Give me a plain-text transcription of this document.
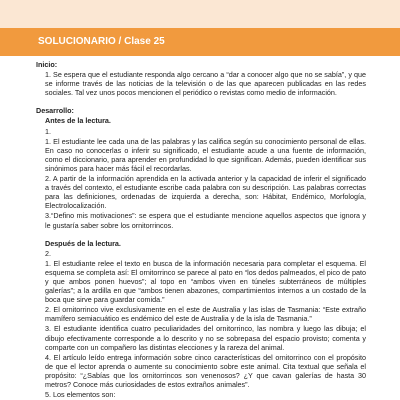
SOLUCIONARIO / Clase 25
Inicio:

1. Se espera que el estudiante responda algo cercano a “dar a conocer algo que no se sabía”, y que se informe través de las noticias de la televisión o de las que aparecen publicadas en las redes sociales. Tal vez unos pocos mencionen el periódico o revistas como medio de información.

Desarrollo:
Antes de la lectura.
1.

1. El estudiante lee cada una de las palabras y las califica según su conocimiento personal de ellas. En caso no conocerlas o inferir su significado, el estudiante acude a una fuente de información, como el diccionario, para aprender en profundidad lo que significan. Además, pueden identificar sus sinónimos para hacer más fácil el recordarlas.

2. A partir de la información aprendida en la activada anterior y la capacidad de inferir el significado a través del contexto, el estudiante escribe cada palabra con su descripción. Las palabras correctas para las definiciones, ordenadas de izquierda a derecha, son: Hábitat, Endémico, Morfología, Electrolocalización.

3.“Defino mis motivaciones”: se espera que el estudiante mencione aquellos aspectos que ignora y le gustaría saber sobre los ornitorrincos.

Después de la lectura.
2.

1. El estudiante relee el texto en busca de la información necesaria para completar el esquema. El esquema se completa así: El ornitorrinco se parece al pato en “los dedos palmeados, el pico de pato y que ambos ponen huevos”; al topo en “ambos viven en túneles subterráneos de múltiples galerías”; a la ardilla en que “ambos tienen abazones, compartimientos internos a un costado de la boca que sirve para guardar comida.”

2. El ornitorrinco vive exclusivamente en el este de Australia y las islas de Tasmania: “Este extraño mamífero semiacuático es endémico del este de Australia y de la isla de Tasmania.”

3. El estudiante identifica cuatro peculiaridades del ornitorrinco, las nombra y luego las dibuja; el dibujo efectivamente corresponde a lo descrito y no se sobrepasa del espacio provisto; comenta y comparte con un compañero las distintas elecciones y la rareza del animal.

4. El artículo leído entrega información sobre cinco características del ornitorrinco con el propósito de que el lector aprenda o aumente su conocimiento sobre este animal. Cita textual que señala el propósito: “¿Sabías que los ornitorrincos son venenosos? ¿Y que cavan galerías de hasta 30 metros? Conoce más curiosidades de estos extraños animales”.

5. Los elementos son:
